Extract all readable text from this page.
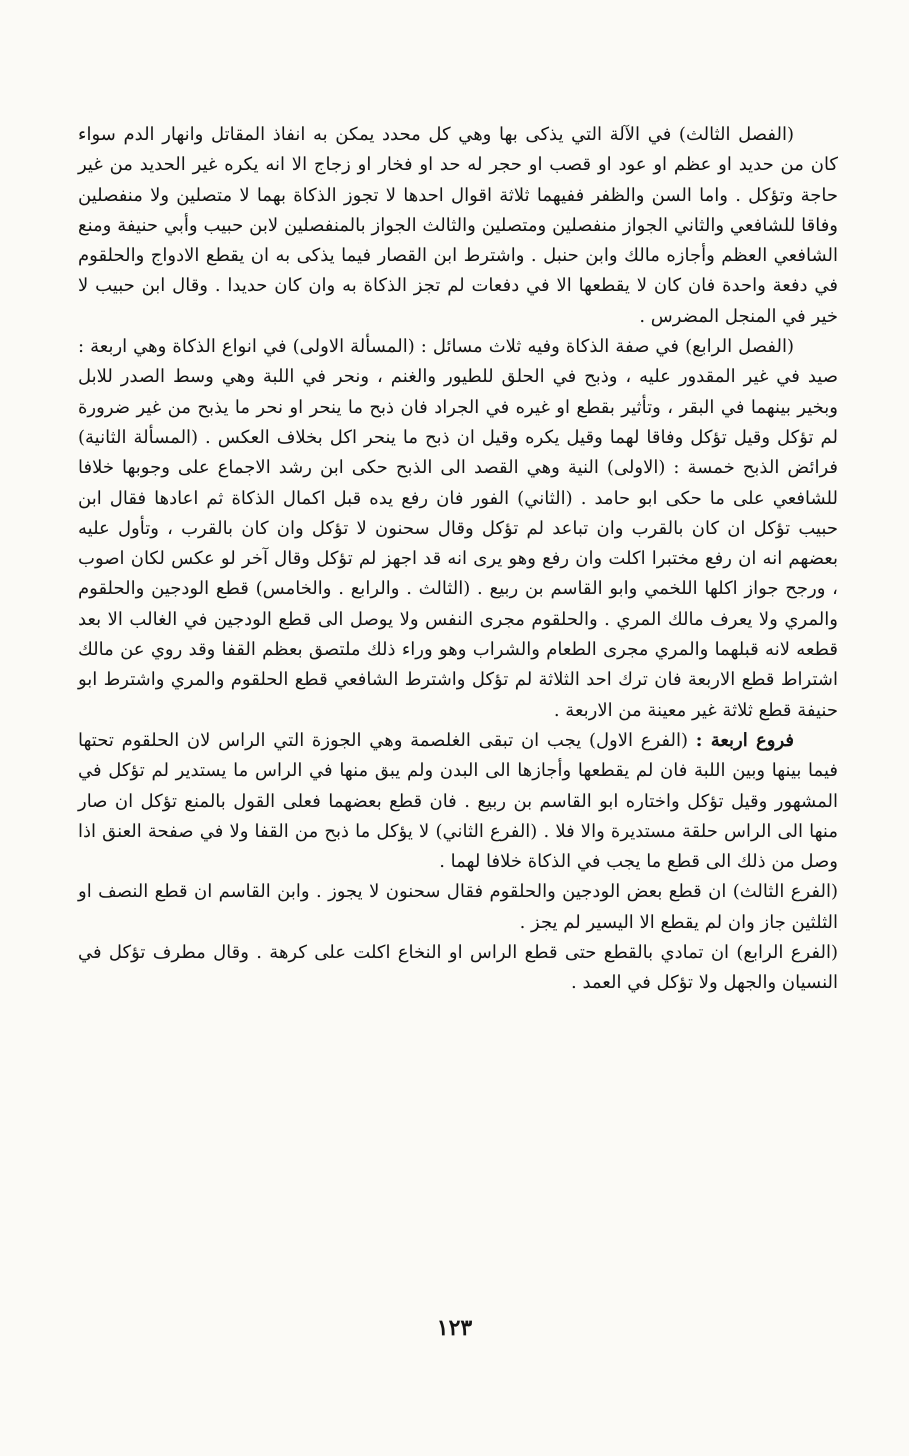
(الفصل الثالث) في الآلة التي يذكى بها وهي كل محدد يمكن به انفاذ المقاتل وانهار الدم سواء كان من حديد او عظم او عود او قصب او حجر له حد او فخار او زجاج الا انه يكره غير الحديد من غير حاجة وتؤكل . واما السن والظفر ففيهما ثلاثة اقوال احدها لا تجوز الذكاة بهما لا متصلين ولا منفصلين وفاقا للشافعي والثاني الجواز منفصلين ومتصلين والثالث الجواز بالمنفصلين لابن حبيب وأبي حنيفة ومنع الشافعي العظم وأجازه مالك وابن حنبل . واشترط ابن القصار فيما يذكى به ان يقطع الادواج والحلقوم في دفعة واحدة فان كان لا يقطعها الا في دفعات لم تجز الذكاة به وان كان حديدا . وقال ابن حبيب لا خير في المنجل المضرس .

(الفصل الرابع) في صفة الذكاة وفيه ثلاث مسائل : (المسألة الاولى) في انواع الذكاة وهي اربعة : صيد في غير المقدور عليه ، وذبح في الحلق للطيور والغنم ، ونحر في اللبة وهي وسط الصدر للابل وبخير بينهما في البقر ، وتأثير بقطع او غيره في الجراد فان ذبح ما ينحر او نحر ما يذبح من غير ضرورة لم تؤكل وقيل تؤكل وفاقا لهما وقيل يكره وقيل ان ذبح ما ينحر اكل بخلاف العكس . (المسألة الثانية) فرائض الذبح خمسة : (الاولى) النية وهي القصد الى الذبح حكى ابن رشد الاجماع على وجوبها خلافا للشافعي على ما حكى ابو حامد . (الثاني) الفور فان رفع يده قبل اكمال الذكاة ثم اعادها فقال ابن حبيب تؤكل ان كان بالقرب وان تباعد لم تؤكل وقال سحنون لا تؤكل وان كان بالقرب ، وتأول عليه بعضهم انه ان رفع مختبرا اكلت وان رفع وهو يرى انه قد اجهز لم تؤكل وقال آخر لو عكس لكان اصوب ، ورجح جواز اكلها اللخمي وابو القاسم بن ربيع . (الثالث . والرابع . والخامس) قطع الودجين والحلقوم والمري ولا يعرف مالك المري . والحلقوم مجرى النفس ولا يوصل الى قطع الودجين في الغالب الا بعد قطعه لانه قبلهما والمري مجرى الطعام والشراب وهو وراء ذلك ملتصق بعظم القفا وقد روي عن مالك اشتراط قطع الاربعة فان ترك احد الثلاثة لم تؤكل واشترط الشافعي قطع الحلقوم والمري واشترط ابو حنيفة قطع ثلاثة غير معينة من الاربعة .

فروع اربعة : (الفرع الاول) يجب ان تبقى الغلصمة وهي الجوزة التي الراس لان الحلقوم تحتها فيما بينها وبين اللبة فان لم يقطعها وأجازها الى البدن ولم يبق منها في الراس ما يستدير لم تؤكل في المشهور وقيل تؤكل واختاره ابو القاسم بن ربيع . فان قطع بعضهما فعلى القول بالمنع تؤكل ان صار منها الى الراس حلقة مستديرة والا فلا . (الفرع الثاني) لا يؤكل ما ذبح من القفا ولا في صفحة العنق اذا وصل من ذلك الى قطع ما يجب في الذكاة خلافا لهما .

(الفرع الثالث) ان قطع بعض الودجين والحلقوم فقال سحنون لا يجوز . وابن القاسم ان قطع النصف او الثلثين جاز وان لم يقطع الا اليسير لم يجز .

(الفرع الرابع) ان تمادي بالقطع حتى قطع الراس او النخاع اكلت على كرهة . وقال مطرف تؤكل في النسيان والجهل ولا تؤكل في العمد .

١٢٣
